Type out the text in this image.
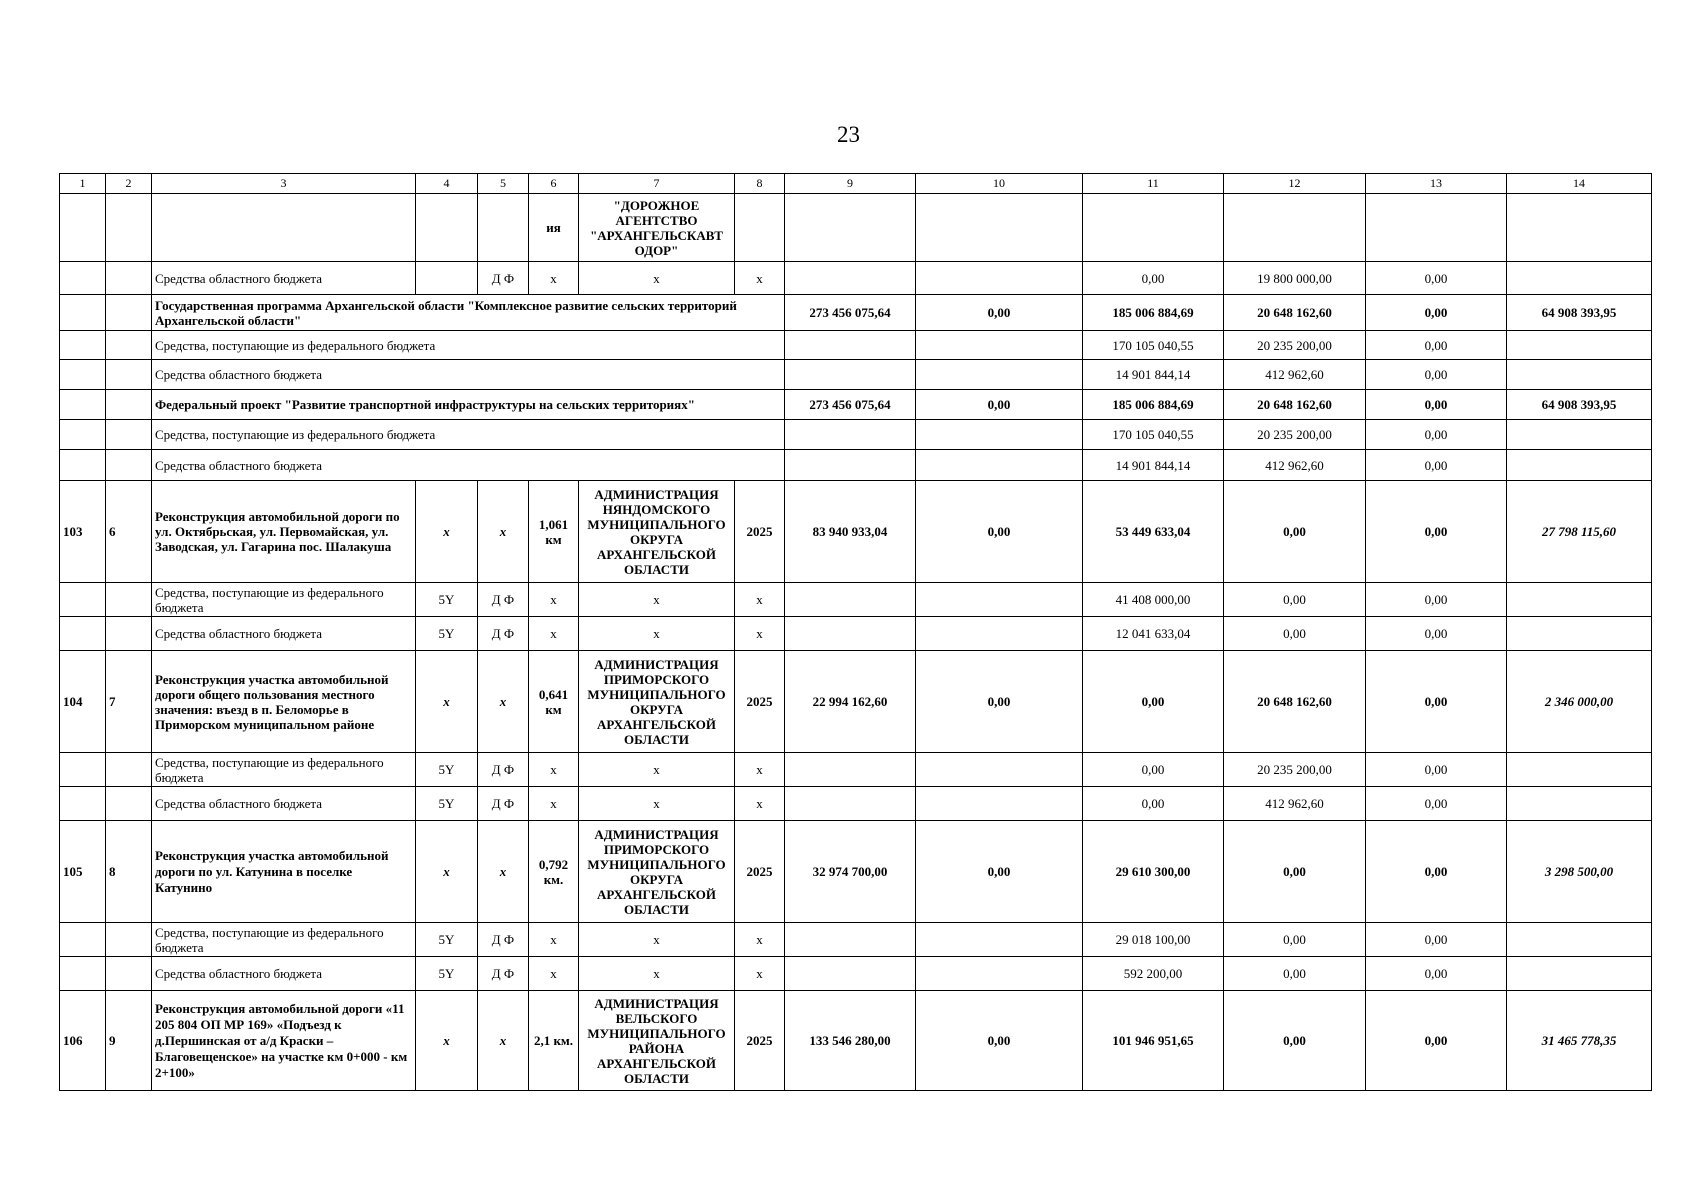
23
1	2	3	4	5	6	7	8	9	10	11	12	13	14
					ия	"ДОРОЖНОЕ АГЕНТСТВО "АРХАНГЕЛЬСКАВТ ОДОР"							
		Средства областного бюджета		Д Ф	х	х	х			0,00	19 800 000,00	0,00	
		Государственная программа Архангельской области "Комплексное развитие сельских территорий Архангельской области"						273 456 075,64	0,00	185 006 884,69	20 648 162,60	0,00	64 908 393,95
		Средства, поступающие из федерального бюджета								170 105 040,55	20 235 200,00	0,00	
		Средства областного бюджета								14 901 844,14	412 962,60	0,00	
		Федеральный проект "Развитие транспортной инфраструктуры на сельских территориях"						273 456 075,64	0,00	185 006 884,69	20 648 162,60	0,00	64 908 393,95
		Средства, поступающие из федерального бюджета								170 105 040,55	20 235 200,00	0,00	
		Средства областного бюджета								14 901 844,14	412 962,60	0,00	
103	6	Реконструкция автомобильной дороги по ул. Октябрьская, ул. Первомайская, ул. Заводская, ул. Гагарина пос. Шалакуша	x	x	1,061 км	АДМИНИСТРАЦИЯ НЯНДОМСКОГО МУНИЦИПАЛЬНОГО ОКРУГА АРХАНГЕЛЬСКОЙ ОБЛАСТИ	2025	83 940 933,04	0,00	53 449 633,04	0,00	0,00	27 798 115,60
		Средства, поступающие из федерального бюджета	5Y	Д Ф	х	х	х			41 408 000,00	0,00	0,00	
		Средства областного бюджета	5Y	Д Ф	х	х	х			12 041 633,04	0,00	0,00	
104	7	Реконструкция участка автомобильной дороги общего пользования местного значения: въезд в п. Беломорье в Приморском муниципальном районе	x	x	0,641 км	АДМИНИСТРАЦИЯ ПРИМОРСКОГО МУНИЦИПАЛЬНОГО ОКРУГА АРХАНГЕЛЬСКОЙ ОБЛАСТИ	2025	22 994 162,60	0,00	0,00	20 648 162,60	0,00	2 346 000,00
		Средства, поступающие из федерального бюджета	5Y	Д Ф	х	х	х			0,00	20 235 200,00	0,00	
		Средства областного бюджета	5Y	Д Ф	х	х	х			0,00	412 962,60	0,00	
105	8	Реконструкция участка автомобильной дороги по ул. Катунина в поселке Катунино	x	x	0,792 км.	АДМИНИСТРАЦИЯ ПРИМОРСКОГО МУНИЦИПАЛЬНОГО ОКРУГА АРХАНГЕЛЬСКОЙ ОБЛАСТИ	2025	32 974 700,00	0,00	29 610 300,00	0,00	0,00	3 298 500,00
		Средства, поступающие из федерального бюджета	5Y	Д Ф	х	х	х			29 018 100,00	0,00	0,00	
		Средства областного бюджета	5Y	Д Ф	х	х	х			592 200,00	0,00	0,00	
106	9	Реконструкция автомобильной дороги «11 205 804 ОП МР 169» «Подъезд к д.Першинская от а/д Краски – Благовещенское» на участке км 0+000 - км 2+100»	x	x	2,1 км.	АДМИНИСТРАЦИЯ ВЕЛЬСКОГО МУНИЦИПАЛЬНОГО РАЙОНА АРХАНГЕЛЬСКОЙ ОБЛАСТИ	2025	133 546 280,00	0,00	101 946 951,65	0,00	0,00	31 465 778,35
